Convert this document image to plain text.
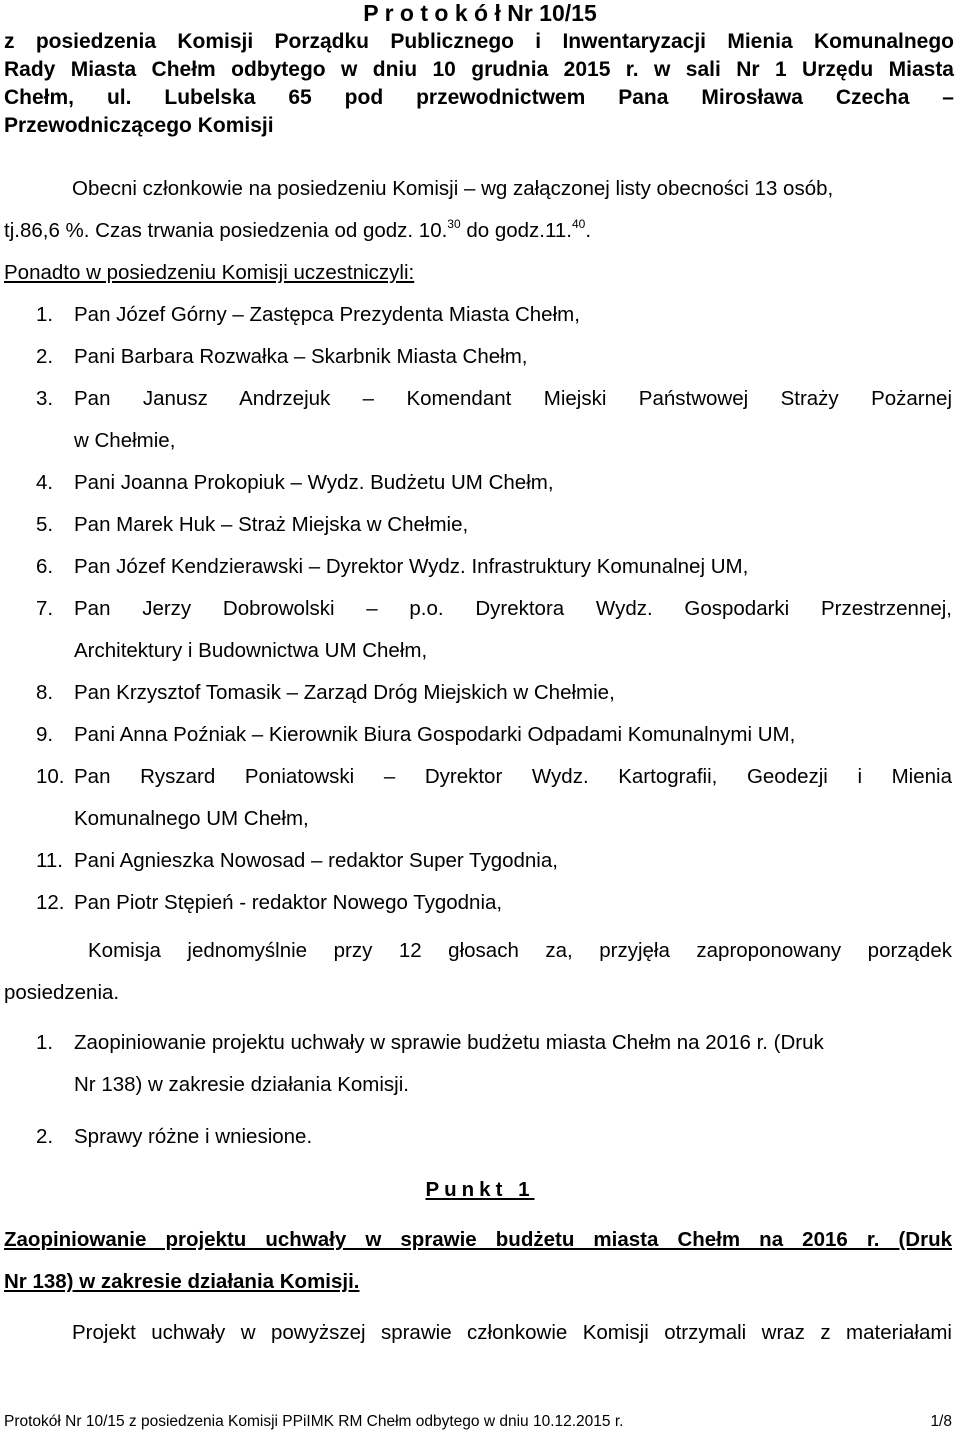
P r o t o k ó ł Nr 10/15
z posiedzenia Komisji Porządku Publicznego i Inwentaryzacji Mienia Komunalnego
Rady Miasta Chełm odbytego w dniu 10 grudnia 2015 r. w sali Nr 1 Urzędu Miasta
Chełm, ul. Lubelska 65 pod przewodnictwem Pana Mirosława Czecha –
Przewodniczącego Komisji
Obecni członkowie na posiedzeniu Komisji – wg załączonej listy obecności 13 osób,
tj.86,6 %. Czas trwania posiedzenia od godz. 10.30 do godz.11.40.
Ponadto w posiedzeniu Komisji uczestniczyli:
1. Pan Józef Górny – Zastępca Prezydenta Miasta Chełm,
2. Pani Barbara Rozwałka – Skarbnik Miasta Chełm,
3. Pan Janusz Andrzejuk – Komendant Miejski Państwowej Straży Pożarnej
w Chełmie,
4. Pani Joanna Prokopiuk – Wydz. Budżetu UM Chełm,
5. Pan Marek Huk – Straż Miejska w Chełmie,
6. Pan Józef Kendzierawski – Dyrektor Wydz. Infrastruktury Komunalnej UM,
7. Pan Jerzy Dobrowolski – p.o. Dyrektora Wydz. Gospodarki Przestrzennej,
Architektury i Budownictwa UM Chełm,
8. Pan Krzysztof Tomasik – Zarząd Dróg Miejskich w Chełmie,
9. Pani Anna Poźniak – Kierownik Biura Gospodarki Odpadami Komunalnymi UM,
10. Pan Ryszard Poniatowski – Dyrektor Wydz. Kartografii, Geodezji i Mienia
Komunalnego UM Chełm,
11. Pani Agnieszka Nowosad – redaktor Super Tygodnia,
12. Pan Piotr Stępień - redaktor Nowego Tygodnia,
Komisja jednomyślnie przy 12 głosach za, przyjęła zaproponowany porządek
posiedzenia.
1. Zaopiniowanie projektu uchwały w sprawie budżetu miasta Chełm na 2016 r. (Druk
Nr 138) w zakresie działania Komisji.
2. Sprawy różne i wniesione.
Punkt 1
Zaopiniowanie projektu uchwały w sprawie budżetu miasta Chełm na 2016 r. (Druk
Nr 138) w zakresie działania Komisji.
Projekt uchwały w powyższej sprawie członkowie Komisji otrzymali wraz z materiałami
Protokół Nr 10/15 z posiedzenia Komisji PPiIMK RM Chełm odbytego w dniu 10.12.2015 r.	1/8
